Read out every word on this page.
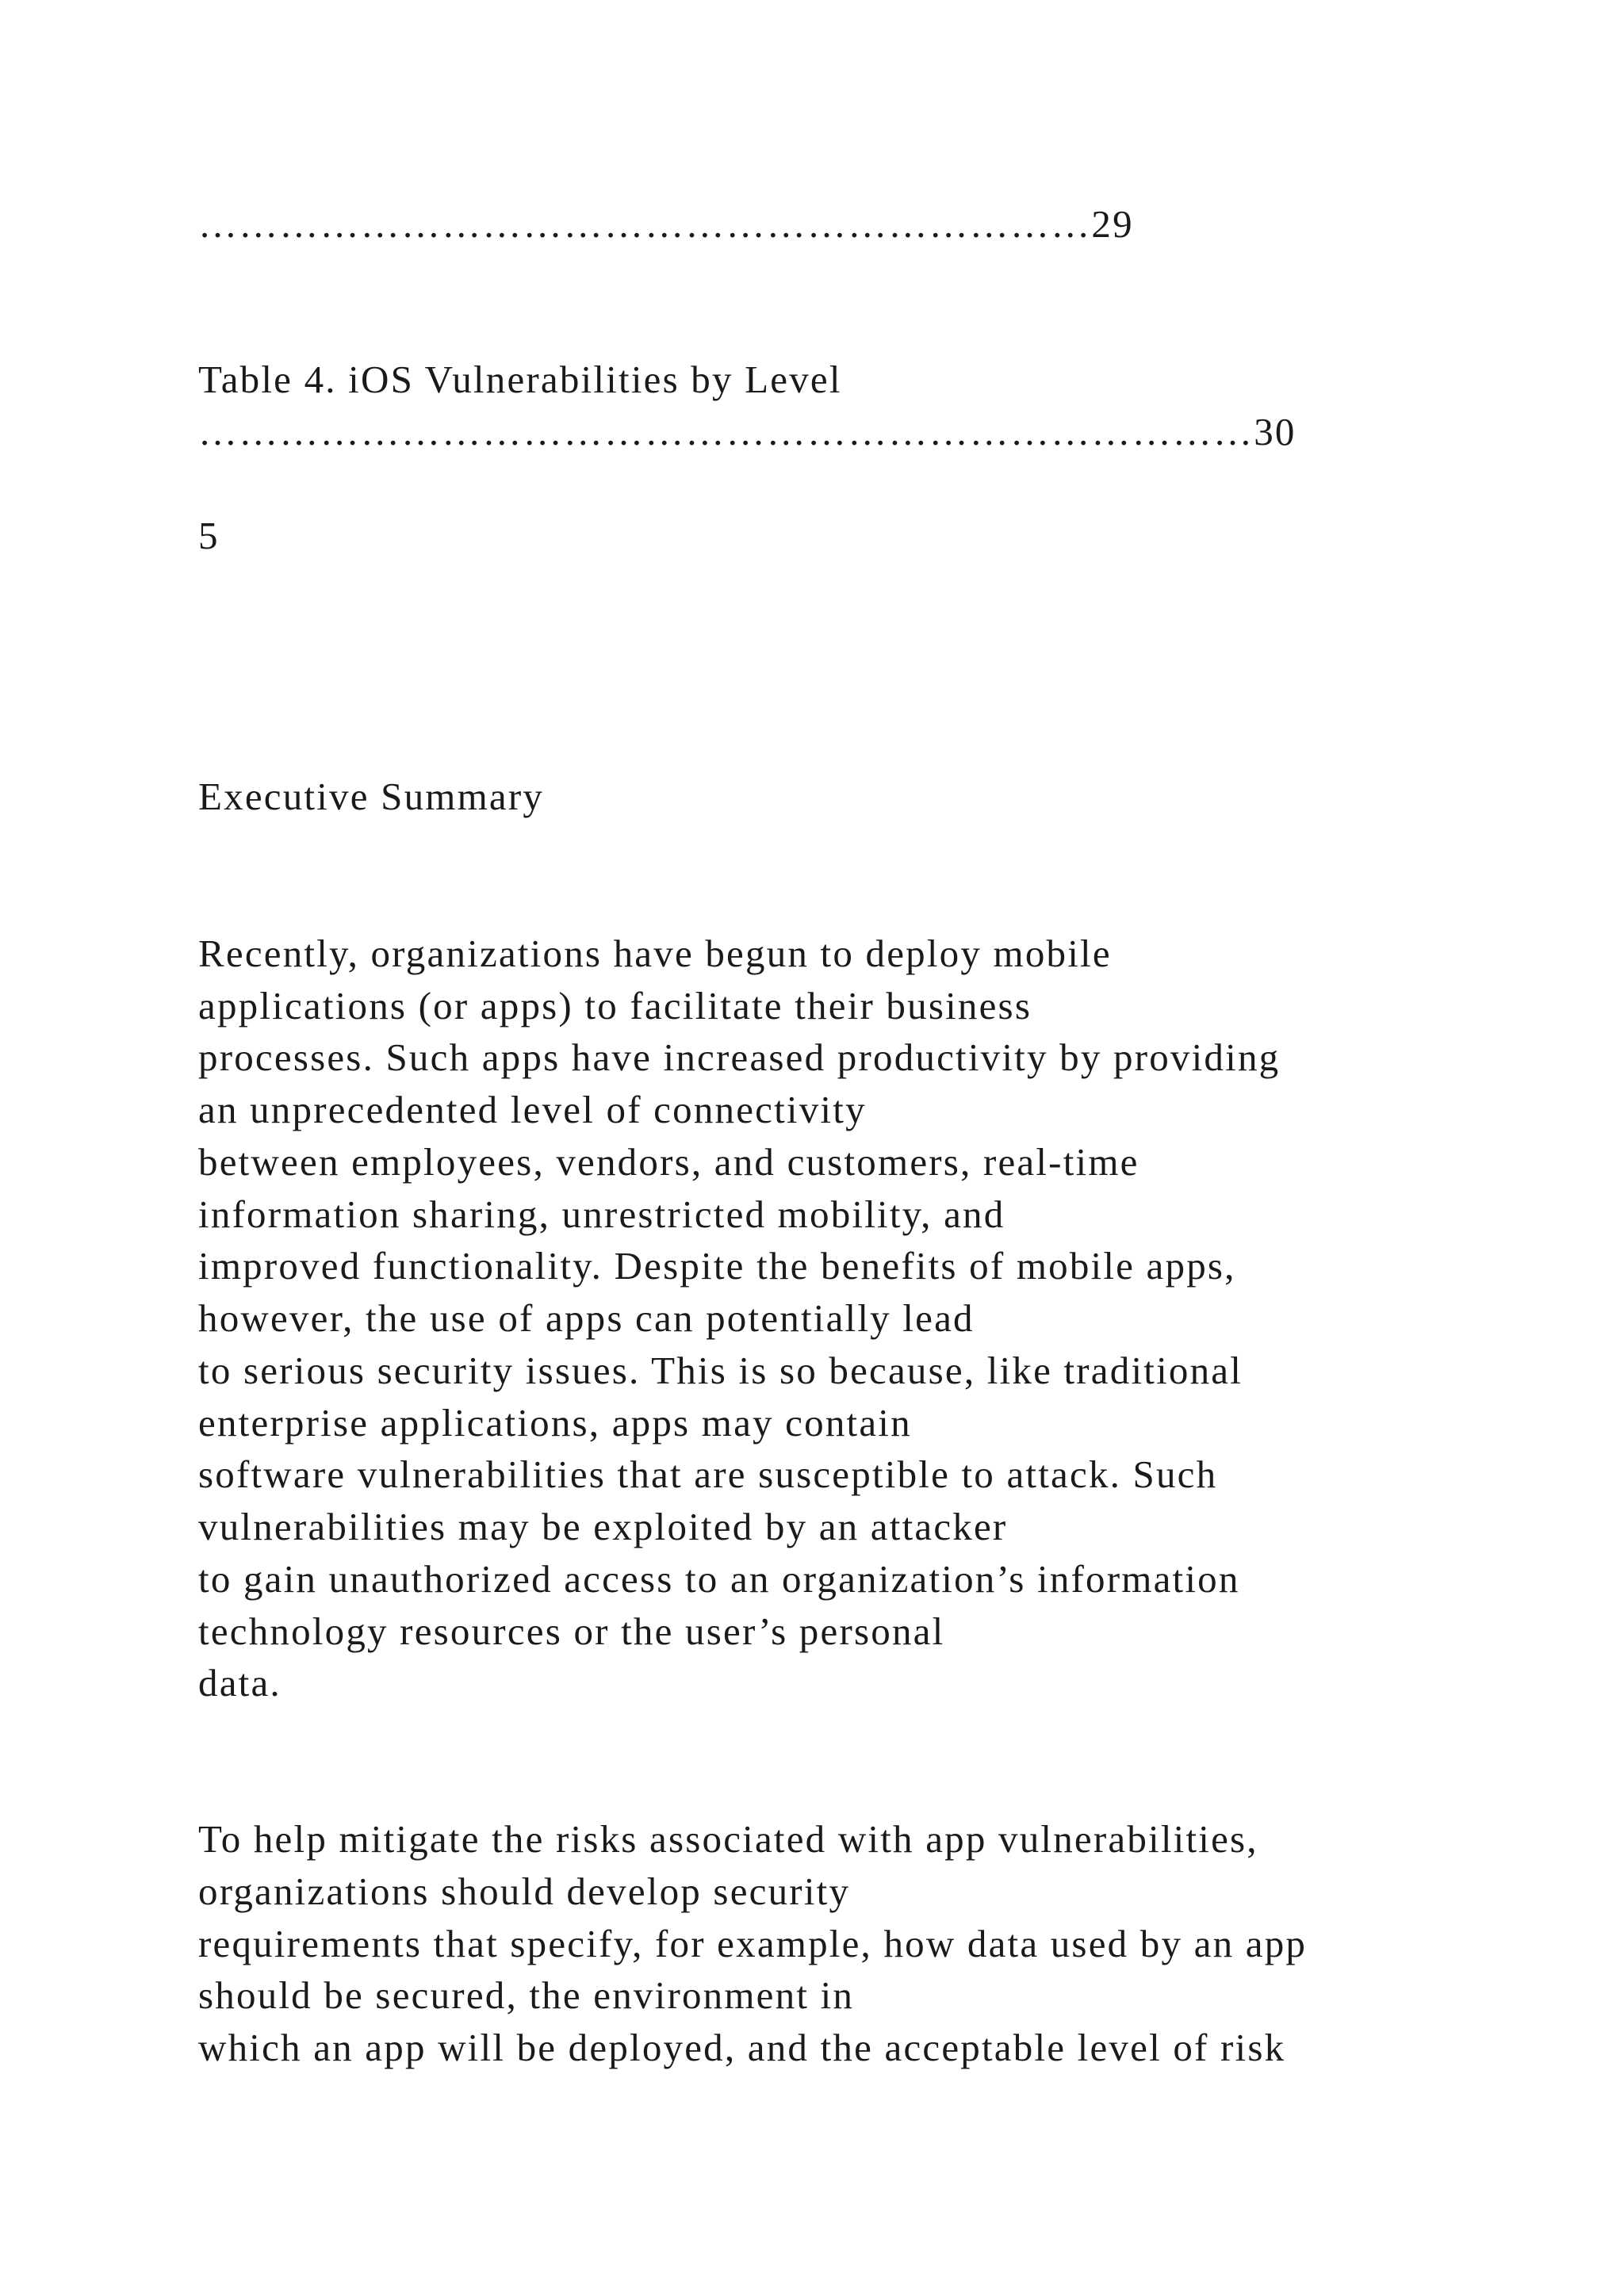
…………………………………………………………29
Table 4. iOS Vulnerabilities by Level
……………………………………………………………………30
5
Executive Summary
Recently, organizations have begun to deploy mobile
applications (or apps) to facilitate their business
processes. Such apps have increased productivity by providing
an unprecedented level of connectivity
between employees, vendors, and customers, real-time
information sharing, unrestricted mobility, and
improved functionality. Despite the benefits of mobile apps,
however, the use of apps can potentially lead
to serious security issues. This is so because, like traditional
enterprise applications, apps may contain
software vulnerabilities that are susceptible to attack. Such
vulnerabilities may be exploited by an attacker
to gain unauthorized access to an organization’s information
technology resources or the user’s personal
data.
To help mitigate the risks associated with app vulnerabilities,
organizations should develop security
requirements that specify, for example, how data used by an app
should be secured, the environment in
which an app will be deployed, and the acceptable level of risk
